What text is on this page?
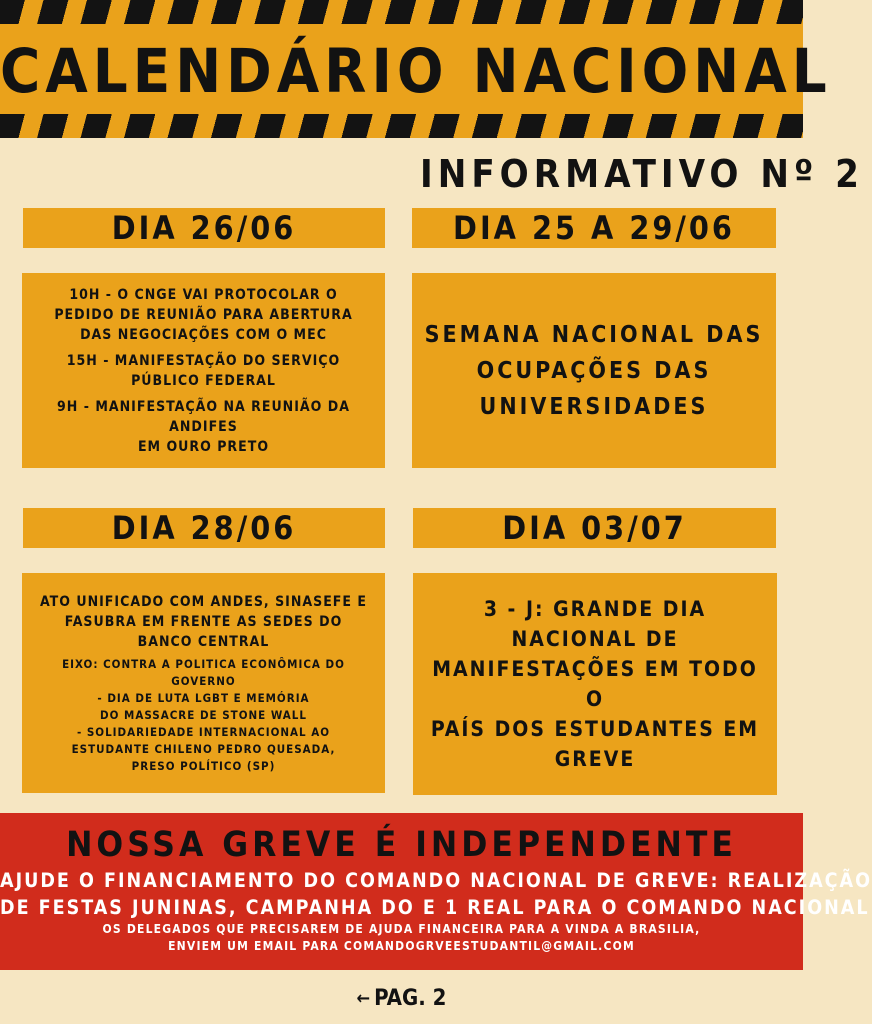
CALENDÁRIO NACIONAL
INFORMATIVO Nº 2
DIA 26/06
10H - O CNGE VAI PROTOCOLAR O
PEDIDO DE REUNIÃO PARA ABERTURA
DAS NEGOCIAÇÕES COM O MEC
15H - MANIFESTAÇÃO DO SERVIÇO
PÚBLICO FEDERAL
9H - MANIFESTAÇÃO NA REUNIÃO DA ANDIFES
EM OURO PRETO
DIA 25 A 29/06
SEMANA NACIONAL DAS
OCUPAÇÕES DAS
UNIVERSIDADES
DIA 28/06
ATO UNIFICADO COM ANDES, SINASEFE E
FASUBRA EM FRENTE AS SEDES DO
BANCO CENTRAL
EIXO: CONTRA A POLITICA ECONÔMICA DO
GOVERNO
- DIA DE LUTA LGBT E MEMÓRIA
DO MASSACRE DE STONE WALL
- SOLIDARIEDADE INTERNACIONAL AO
ESTUDANTE CHILENO PEDRO QUESADA,
PRESO POLÍTICO (SP)
DIA 03/07
3 - J: GRANDE DIA NACIONAL DE
MANIFESTAÇÕES EM TODO O
PAÍS DOS ESTUDANTES EM GREVE
NOSSA GREVE É INDEPENDENTE
AJUDE O FINANCIAMENTO DO COMANDO NACIONAL DE GREVE: REALIZAÇÃO
DE FESTAS JUNINAS, CAMPANHA DO E 1 REAL PARA O COMANDO NACIONAL
OS DELEGADOS QUE PRECISAREM DE AJUDA FINANCEIRA PARA A VINDA A BRASILIA,
ENVIEM UM EMAIL PARA COMANDOGRVEESTUDANTIL@GMAIL.COM
← PAG. 2
